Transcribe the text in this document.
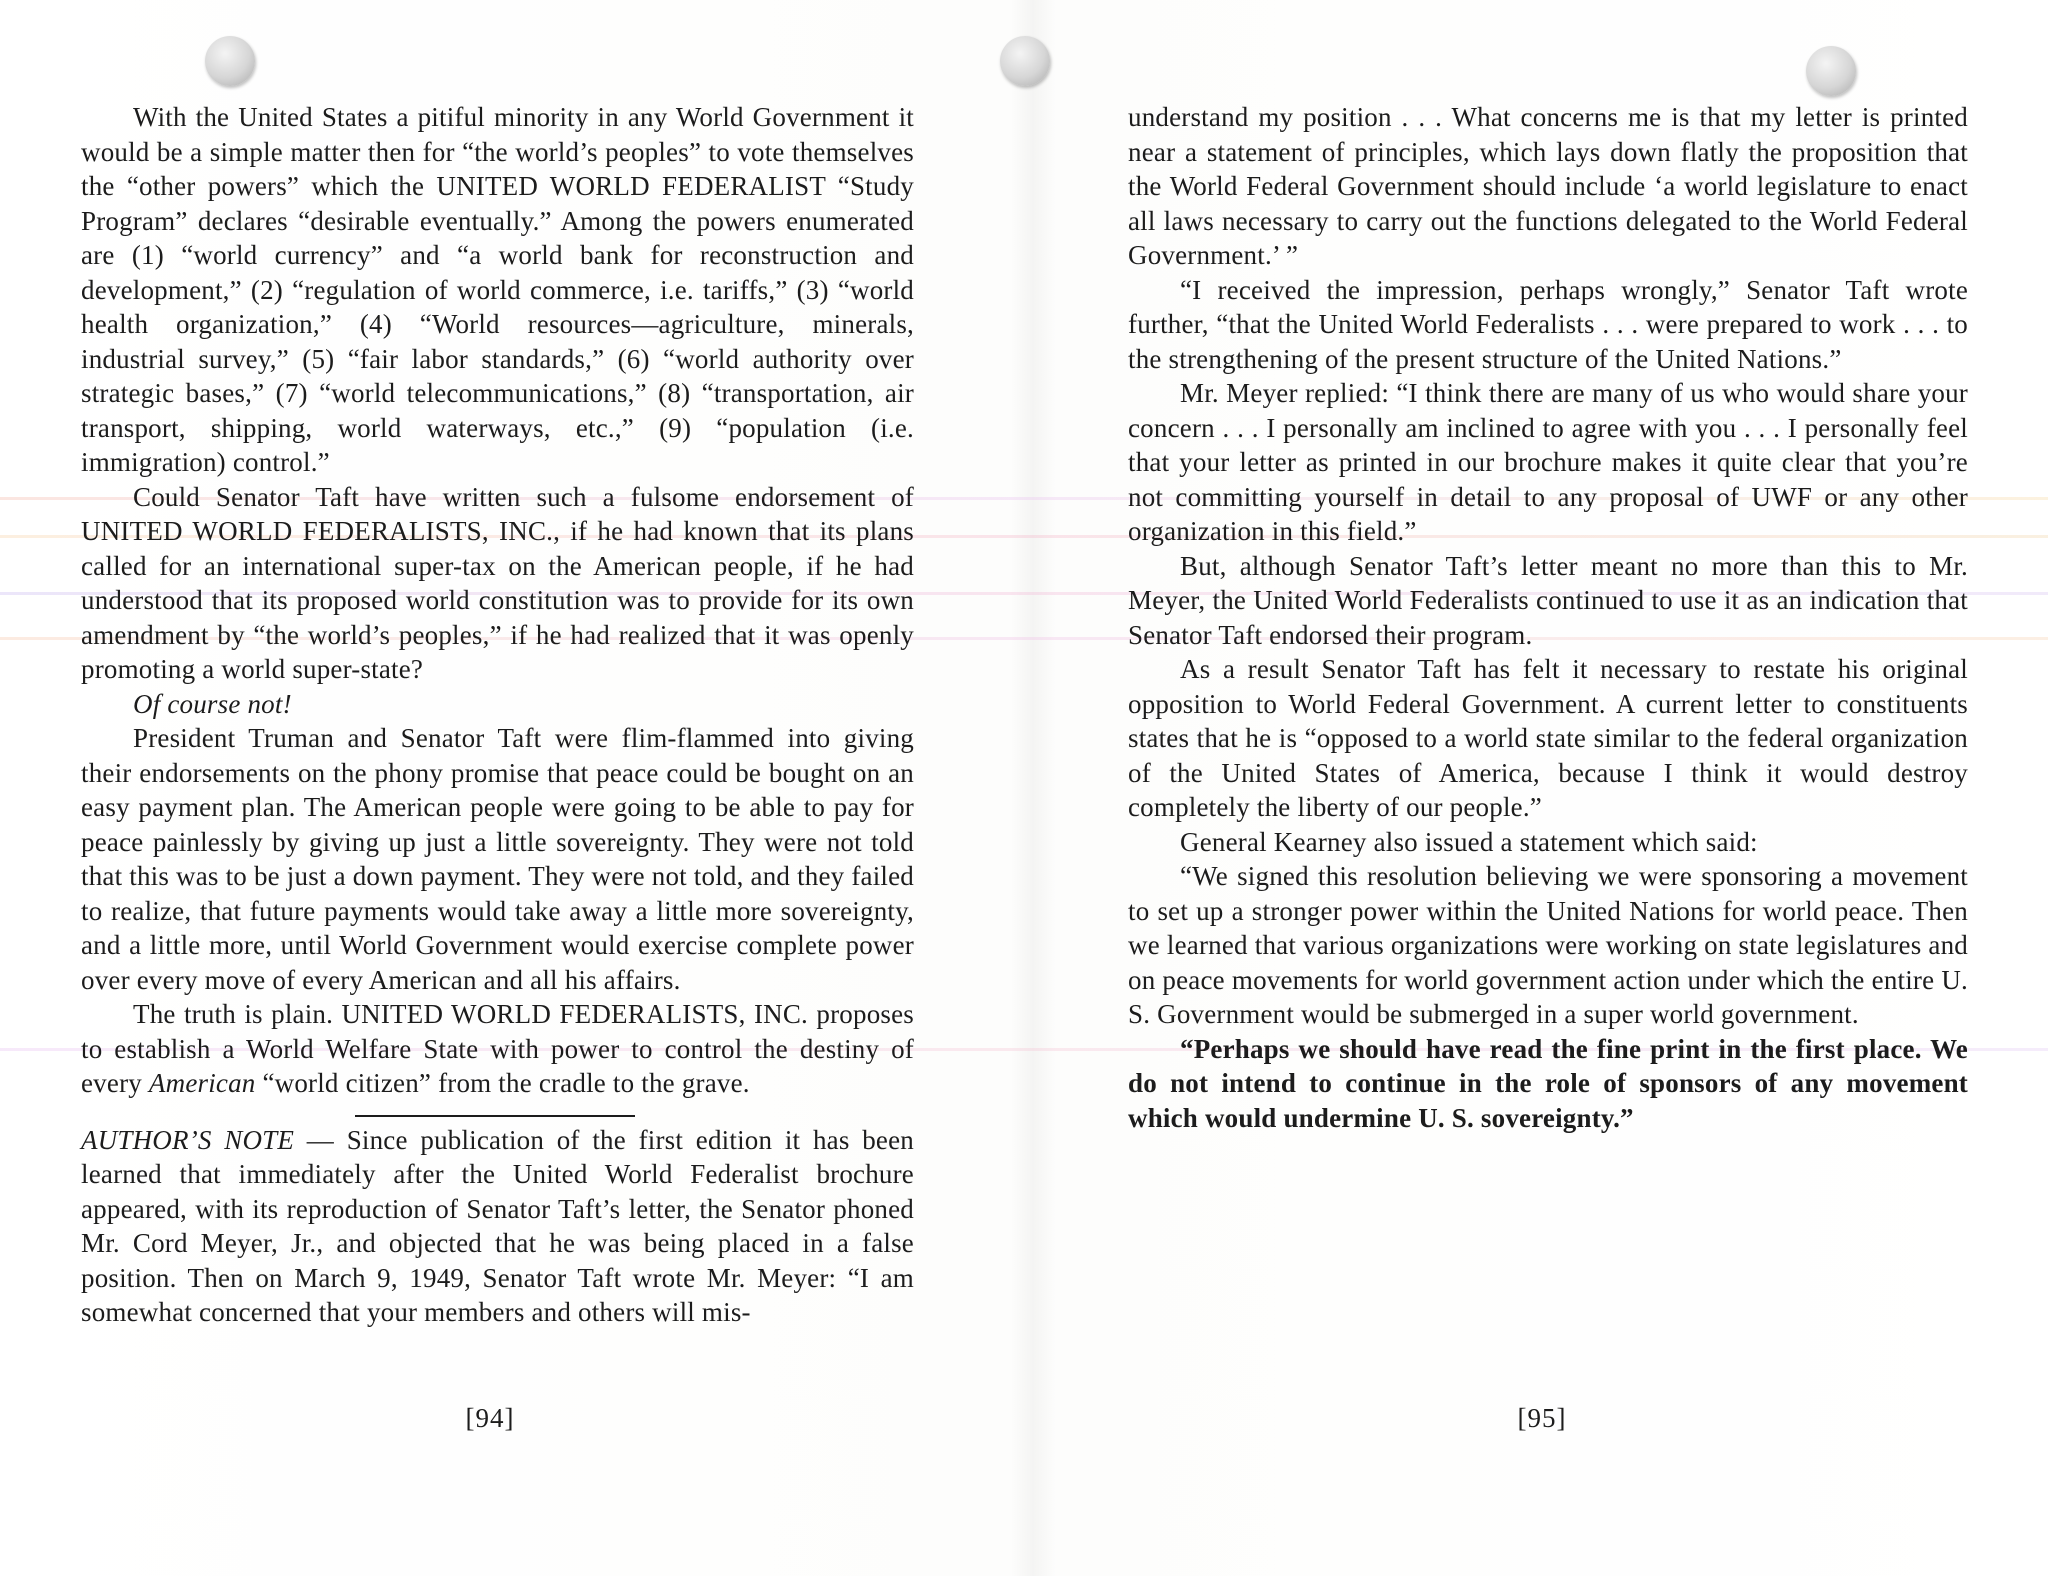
With the United States a pitiful minority in any World Government it would be a simple matter then for “the world’s peoples” to vote themselves the “other powers” which the UNITED WORLD FEDERALIST “Study Program” declares “desirable eventually.” Among the powers enumerated are (1) “world currency” and “a world bank for reconstruction and development,” (2) “regulation of world commerce, i.e. tariffs,” (3) “world health organization,” (4) “World resources—agriculture, minerals, industrial survey,” (5) “fair labor standards,” (6) “world authority over strategic bases,” (7) “world telecommunications,” (8) “transportation, air transport, shipping, world waterways, etc.,” (9) “population (i.e. immigration) control.”

Could Senator Taft have written such a fulsome endorsement of UNITED WORLD FEDERALISTS, INC., if he had known that its plans called for an international super-tax on the American people, if he had understood that its proposed world constitution was to provide for its own amendment by “the world’s peoples,” if he had realized that it was openly promoting a world super-state?

Of course not!

President Truman and Senator Taft were flim-flammed into giving their endorsements on the phony promise that peace could be bought on an easy payment plan. The American people were going to be able to pay for peace painlessly by giving up just a little sovereignty. They were not told that this was to be just a down payment. They were not told, and they failed to realize, that future payments would take away a little more sovereignty, and a little more, until World Government would exercise complete power over every move of every American and all his affairs.

The truth is plain. UNITED WORLD FEDERALISTS, INC. proposes to establish a World Welfare State with power to control the destiny of every American “world citizen” from the cradle to the grave.

AUTHOR’S NOTE — Since publication of the first edition it has been learned that immediately after the United World Federalist brochure appeared, with its reproduction of Senator Taft’s letter, the Senator phoned Mr. Cord Meyer, Jr., and objected that he was being placed in a false position. Then on March 9, 1949, Senator Taft wrote Mr. Meyer: “I am somewhat concerned that your members and others will mis-

understand my position . . . What concerns me is that my letter is printed near a statement of principles, which lays down flatly the proposition that the World Federal Government should include ‘a world legislature to enact all laws necessary to carry out the functions delegated to the World Federal Government.’ ”

“I received the impression, perhaps wrongly,” Senator Taft wrote further, “that the United World Federalists . . . were prepared to work . . . to the strengthening of the present structure of the United Nations.”

Mr. Meyer replied: “I think there are many of us who would share your concern . . . I personally am inclined to agree with you . . . I personally feel that your letter as printed in our brochure makes it quite clear that you’re not committing yourself in detail to any proposal of UWF or any other organization in this field.”

But, although Senator Taft’s letter meant no more than this to Mr. Meyer, the United World Federalists continued to use it as an indication that Senator Taft endorsed their program.

As a result Senator Taft has felt it necessary to restate his original opposition to World Federal Government. A current letter to constituents states that he is “opposed to a world state similar to the federal organization of the United States of America, because I think it would destroy completely the liberty of our people.”

General Kearney also issued a statement which said:

“We signed this resolution believing we were sponsoring a movement to set up a stronger power within the United Nations for world peace. Then we learned that various organizations were working on state legislatures and on peace movements for world government action under which the entire U. S. Government would be submerged in a super world government.

“Perhaps we should have read the fine print in the first place. We do not intend to continue in the role of sponsors of any movement which would undermine U. S. sovereignty.”

[94]	[95]
